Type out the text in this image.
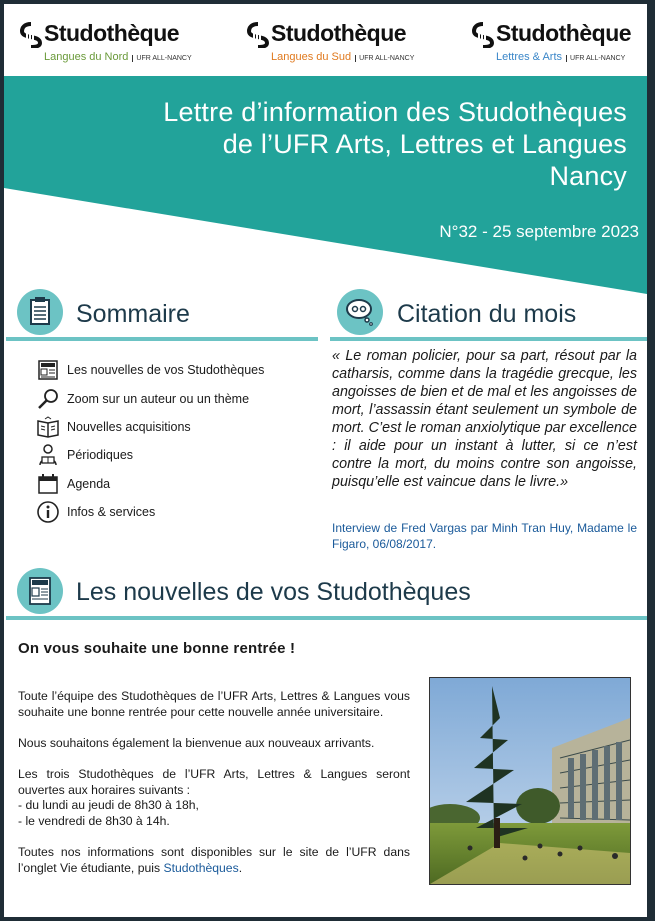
Studothèque
Langues du Nord UFR ALL-NANCY
Studothèque
Langues du Sud UFR ALL-NANCY
Studothèque
Lettres & Arts UFR ALL-NANCY
Lettre d’information des Studothèques
de l’UFR Arts, Lettres et Langues
Nancy
N°32 - 25 septembre 2023
Sommaire	Citation du mois
Les nouvelles de vos Studothèques
Zoom sur un auteur ou un thème
Nouvelles acquisitions
Périodiques
Agenda
Infos & services
« Le roman policier, pour sa part, résout par la catharsis, comme dans la tragédie grecque, les angoisses de bien et de mal et les angoisses de mort, l’assassin étant seulement un symbole de mort. C’est le roman anxiolytique par excellence : il aide pour un instant à lutter, si ce n’est contre la mort, du moins contre son angoisse, puisqu’elle est vaincue dans le livre.»
Interview de Fred Vargas par Minh Tran Huy, Madame le Figaro, 06/08/2017.
Les nouvelles de vos Studothèques
On vous souhaite une bonne rentrée !

Toute l’équipe des Studothèques de l’UFR Arts, Lettres & Langues vous souhaite une bonne rentrée pour cette nouvelle année universitaire.

Nous souhaitons également la bienvenue aux nouveaux arrivants.

Les trois Studothèques de l’UFR Arts, Lettres & Langues seront ouvertes aux horaires suivants :
- du lundi au jeudi de 8h30 à 18h,
- le vendredi de 8h30 à 14h.

Toutes nos informations sont disponibles sur le site de l’UFR dans l’onglet Vie étudiante, puis Studothèques.
